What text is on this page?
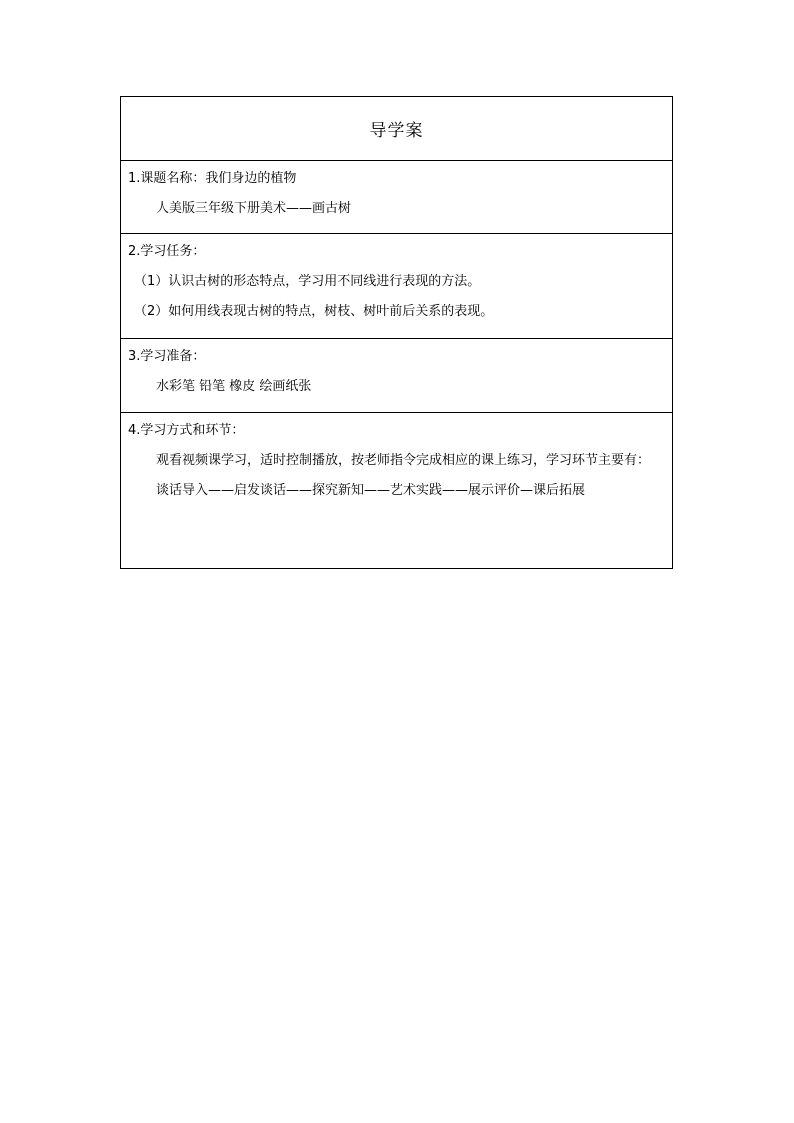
导学案
1.课题名称：我们身边的植物
人美版三年级下册美术——画古树
2.学习任务：
（1）认识古树的形态特点，学习用不同线进行表现的方法。
（2）如何用线表现古树的特点，树枝、树叶前后关系的表现。
3.学习准备：
水彩笔 铅笔 橡皮 绘画纸张
4.学习方式和环节：
观看视频课学习，适时控制播放，按老师指令完成相应的课上练习，学习环节主要有：
谈话导入——启发谈话——探究新知——艺术实践——展示评价—课后拓展
